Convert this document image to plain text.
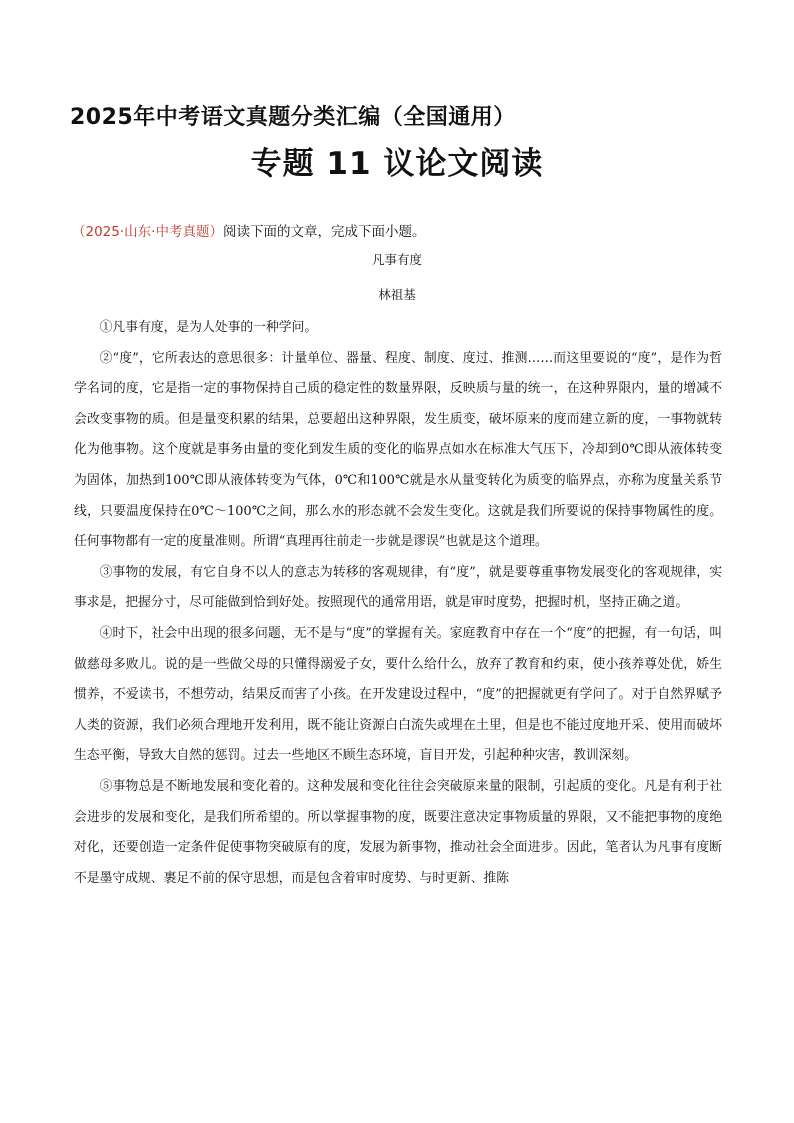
2025年中考语文真题分类汇编（全国通用）
专题 11 议论文阅读
（2025·山东·中考真题）阅读下面的文章，完成下面小题。
凡事有度
林祖基

①凡事有度，是为人处事的一种学问。

②“度”，它所表达的意思很多：计量单位、器量、程度、制度、度过、推测……而这里要说的“度”，是作为哲学名词的度，它是指一定的事物保持自己质的稳定性的数量界限，反映质与量的统一，在这种界限内，量的增减不会改变事物的质。但是量变积累的结果，总要超出这种界限，发生质变，破坏原来的度而建立新的度，一事物就转化为他事物。这个度就是事务由量的变化到发生质的变化的临界点如水在标准大气压下，冷却到0℃即从液体转变为固体，加热到100℃即从液体转变为气体，0℃和100℃就是水从量变转化为质变的临界点，亦称为度量关系节线，只要温度保持在0℃～100℃之间，那么水的形态就不会发生变化。这就是我们所要说的保持事物属性的度。任何事物都有一定的度量准则。所谓“真理再往前走一步就是谬误”也就是这个道理。

③事物的发展，有它自身不以人的意志为转移的客观规律，有“度”，就是要尊重事物发展变化的客观规律，实事求是，把握分寸，尽可能做到恰到好处。按照现代的通常用语，就是审时度势，把握时机，坚持正确之道。

④时下，社会中出现的很多问题，无不是与“度”的掌握有关。家庭教育中存在一个“度”的把握，有一句话，叫做慈母多败儿。说的是一些做父母的只懂得溺爱子女，要什么给什么，放弃了教育和约束，使小孩养尊处优，娇生惯养，不爱读书，不想劳动，结果反而害了小孩。在开发建设过程中，“度”的把握就更有学问了。对于自然界赋予人类的资源，我们必须合理地开发利用，既不能让资源白白流失或埋在土里，但是也不能过度地开采、使用而破坏生态平衡，导致大自然的惩罚。过去一些地区不顾生态环境，盲目开发，引起种种灾害，教训深刻。

⑤事物总是不断地发展和变化着的。这种发展和变化往往会突破原来量的限制，引起质的变化。凡是有利于社会进步的发展和变化，是我们所希望的。所以掌握事物的度，既要注意决定事物质量的界限，又不能把事物的度绝对化，还要创造一定条件促使事物突破原有的度，发展为新事物，推动社会全面进步。因此，笔者认为凡事有度断不是墨守成规、裹足不前的保守思想，而是包含着审时度势、与时更新、推陈
